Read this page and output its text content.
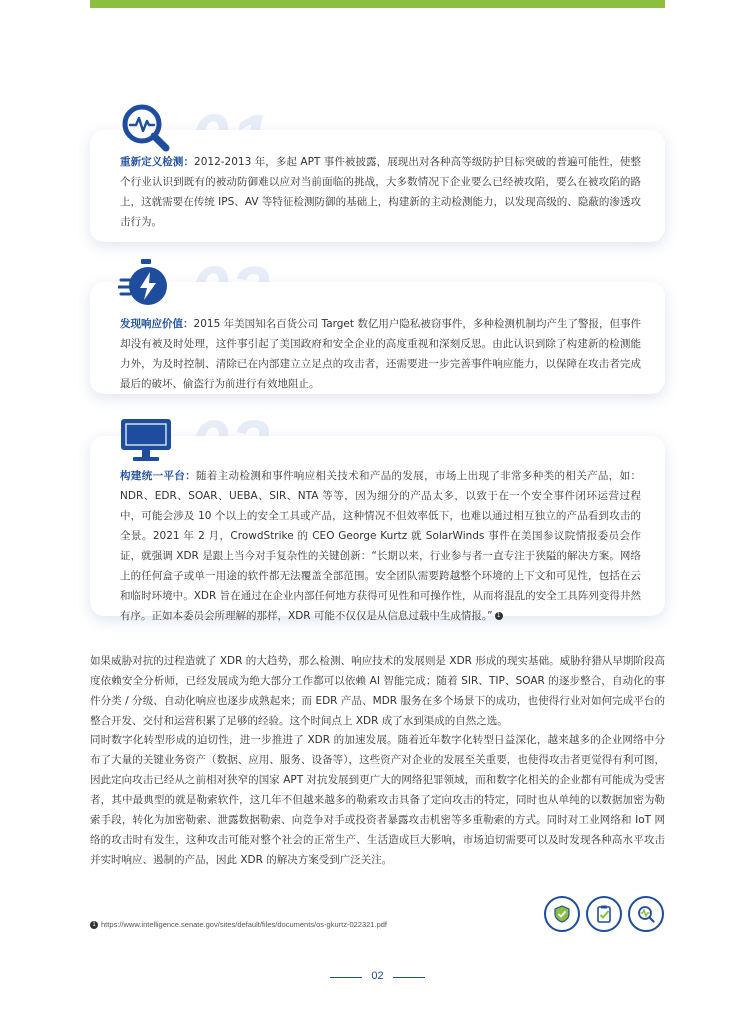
重新定义检测：2012-2013 年，多起 APT 事件被披露，展现出对各种高等级防护目标突破的普遍可能性，使整个行业认识到既有的被动防御难以应对当前面临的挑战，大多数情况下企业要么已经被攻陷，要么在被攻陷的路上，这就需要在传统 IPS、AV 等特征检测防御的基础上，构建新的主动检测能力，以发现高级的、隐蔽的渗透攻击行为。
发现响应价值：2015 年美国知名百货公司 Target 数亿用户隐私被窃事件，多种检测机制均产生了警报，但事件却没有被及时处理，这件事引起了美国政府和安全企业的高度重视和深刻反思。由此认识到除了构建新的检测能力外，为及时控制、清除已在内部建立立足点的攻击者，还需要进一步完善事件响应能力，以保障在攻击者完成最后的破坏、偷盗行为前进行有效地阻止。
构建统一平台：随着主动检测和事件响应相关技术和产品的发展，市场上出现了非常多种类的相关产品，如：NDR、EDR、SOAR、UEBA、SIR、NTA 等等，因为细分的产品太多，以致于在一个安全事件闭环运营过程中，可能会涉及 10 个以上的安全工具或产品，这种情况不但效率低下，也难以通过相互独立的产品看到攻击的全景。2021 年 2 月，CrowdStrike 的 CEO George Kurtz 就 SolarWinds 事件在美国参议院情报委员会作证，就强调 XDR 是跟上当今对手复杂性的关键创新：“长期以来，行业参与者一直专注于狭隘的解决方案。网络上的任何盒子或单一用途的软件都无法覆盖全部范围。安全团队需要跨越整个环境的上下文和可见性，包括在云和临时环境中。XDR 旨在通过在企业内部任何地方获得可见性和可操作性，从而将混乱的安全工具阵列变得井然有序。正如本委员会所理解的那样，XDR 可能不仅仅是从信息过载中生成情报。” 1
如果威胁对抗的过程造就了 XDR 的大趋势，那么检测、响应技术的发展则是 XDR 形成的现实基础。威胁狩猎从早期阶段高度依赖安全分析师，已经发展成为绝大部分工作都可以依赖 AI 智能完成；随着 SIR、TIP、SOAR 的逐步整合，自动化的事件分类 / 分级、自动化响应也逐步成熟起来；而 EDR 产品、MDR 服务在多个场景下的成功，也使得行业对如何完成平台的整合开发、交付和运营积累了足够的经验。这个时间点上 XDR 成了水到渠成的自然之选。
同时数字化转型形成的迫切性，进一步推进了 XDR 的加速发展。随着近年数字化转型日益深化，越来越多的企业网络中分布了大量的关键业务资产（数据、应用、服务、设备等），这些资产对企业的发展至关重要，也使得攻击者更觉得有利可图，因此定向攻击已经从之前相对狭窄的国家 APT 对抗发展到更广大的网络犯罪领域，而和数字化相关的企业都有可能成为受害者，其中最典型的就是勒索软件，这几年不但越来越多的勒索攻击具备了定向攻击的特定，同时也从单纯的以数据加密为勒索手段，转化为加密勒索、泄露数据勒索、向竞争对手或投资者暴露攻击机密等多重勒索的方式。同时对工业网络和 IoT 网络的攻击时有发生，这种攻击可能对整个社会的正常生产、生活造成巨大影响，市场迫切需要可以及时发现各种高水平攻击并实时响应、遏制的产品，因此 XDR 的解决方案受到广泛关注。
1 https://www.intelligence.senate.gov/sites/default/files/documents/os-gkurtz-022321.pdf
02
